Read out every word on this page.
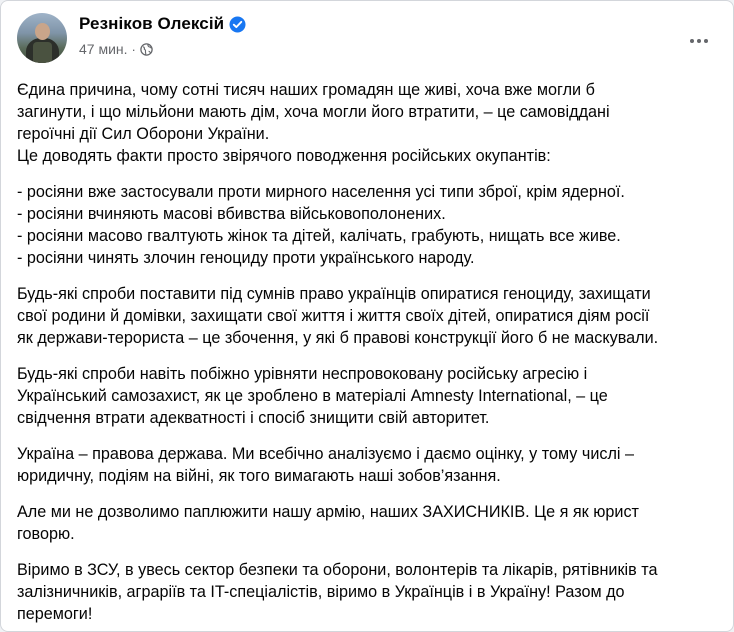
Резніков Олексій
47 мин. ·

Єдина причина, чому сотні тисяч наших громадян ще живі, хоча вже могли б
загинути, і що мільйони мають дім, хоча могли його втратити, – це самовіддані
героїчні дії Сил Оборони України.
Це доводять факти просто звірячого поводження російських окупантів:

- росіяни вже застосували проти мирного населення усі типи зброї, крім ядерної.
- росіяни вчиняють масові вбивства військовополонених.
- росіяни масово гвалтують жінок та дітей, калічать, грабують, нищать все живе.
- росіяни чинять злочин геноциду проти українського народу.

Будь-які спроби поставити під сумнів право українців опиратися геноциду, захищати
свої родини й домівки, захищати свої життя і життя своїх дітей, опиратися діям росії
як держави-терориста – це збочення, у які б правові конструкції його б не маскували.

Будь-які спроби навіть побіжно урівняти неспровоковану російську агресію і
Український самозахист, як це зроблено в матеріалі Amnesty International, – це
свідчення втрати адекватності і спосіб знищити свій авторитет.

Україна – правова держава. Ми всебічно аналізуємо і даємо оцінку, у тому числі –
юридичну, подіям на війні, як того вимагають наші зобов’язання.

Але ми не дозволимо паплюжити нашу армію, наших ЗАХИСНИКІВ. Це я як юрист
говорю.

Віримо в ЗСУ, в увесь сектор безпеки та оборони, волонтерів та лікарів, рятівників та
залізничників, аграріїв та IT-спеціалістів, віримо в Українців і в Україну! Разом до
перемоги!
